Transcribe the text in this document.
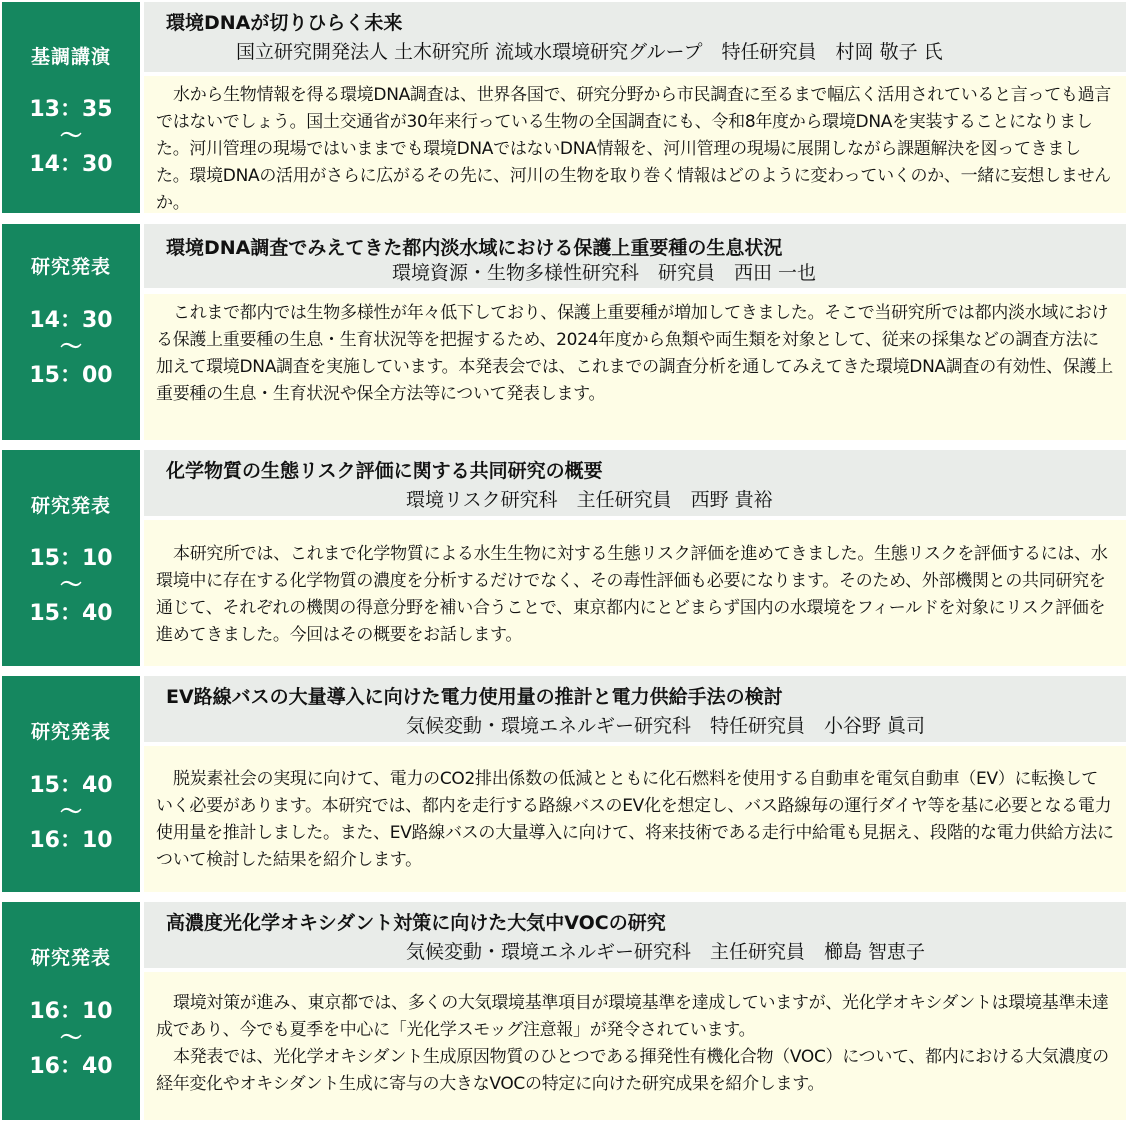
基調講演
13：35
〜
14：30
環境DNAが切りひらく未来
国立研究開発法人 土木研究所 流域水環境研究グループ　特任研究員　村岡 敬子 氏

水から生物情報を得る環境DNA調査は、世界各国で、研究分野から市民調査に至るまで幅広く活用されていると言っても過言ではないでしょう。国土交通省が30年来行っている生物の全国調査にも、令和8年度から環境DNAを実装することになりました。河川管理の現場ではいままでも環境DNAではないDNA情報を、河川管理の現場に展開しながら課題解決を図ってきました。環境DNAの活用がさらに広がるその先に、河川の生物を取り巻く情報はどのように変わっていくのか、一緒に妄想しませんか。

研究発表
14：30
〜
15：00
環境DNA調査でみえてきた都内淡水域における保護上重要種の生息状況
環境資源・生物多様性研究科　研究員　西田 一也

これまで都内では生物多様性が年々低下しており、保護上重要種が増加してきました。そこで当研究所では都内淡水域における保護上重要種の生息・生育状況等を把握するため、2024年度から魚類や両生類を対象として、従来の採集などの調査方法に加えて環境DNA調査を実施しています。本発表会では、これまでの調査分析を通してみえてきた環境DNA調査の有効性、保護上重要種の生息・生育状況や保全方法等について発表します。

研究発表
15：10
〜
15：40
化学物質の生態リスク評価に関する共同研究の概要
環境リスク研究科　主任研究員　西野 貴裕

本研究所では、これまで化学物質による水生生物に対する生態リスク評価を進めてきました。生態リスクを評価するには、水環境中に存在する化学物質の濃度を分析するだけでなく、その毒性評価も必要になります。そのため、外部機関との共同研究を通じて、それぞれの機関の得意分野を補い合うことで、東京都内にとどまらず国内の水環境をフィールドを対象にリスク評価を進めてきました。今回はその概要をお話します。

研究発表
15：40
〜
16：10
EV路線バスの大量導入に向けた電力使用量の推計と電力供給手法の検討
気候変動・環境エネルギー研究科　特任研究員　小谷野 眞司

脱炭素社会の実現に向けて、電力のCO2排出係数の低減とともに化石燃料を使用する自動車を電気自動車（EV）に転換していく必要があります。本研究では、都内を走行する路線バスのEV化を想定し、バス路線毎の運行ダイヤ等を基に必要となる電力使用量を推計しました。また、EV路線バスの大量導入に向けて、将来技術である走行中給電も見据え、段階的な電力供給方法について検討した結果を紹介します。

研究発表
16：10
〜
16：40
高濃度光化学オキシダント対策に向けた大気中VOCの研究
気候変動・環境エネルギー研究科　主任研究員　櫛島 智恵子

環境対策が進み、東京都では、多くの大気環境基準項目が環境基準を達成していますが、光化学オキシダントは環境基準未達成であり、今でも夏季を中心に「光化学スモッグ注意報」が発令されています。

本発表では、光化学オキシダント生成原因物質のひとつである揮発性有機化合物（VOC）について、都内における大気濃度の経年変化やオキシダント生成に寄与の大きなVOCの特定に向けた研究成果を紹介します。
